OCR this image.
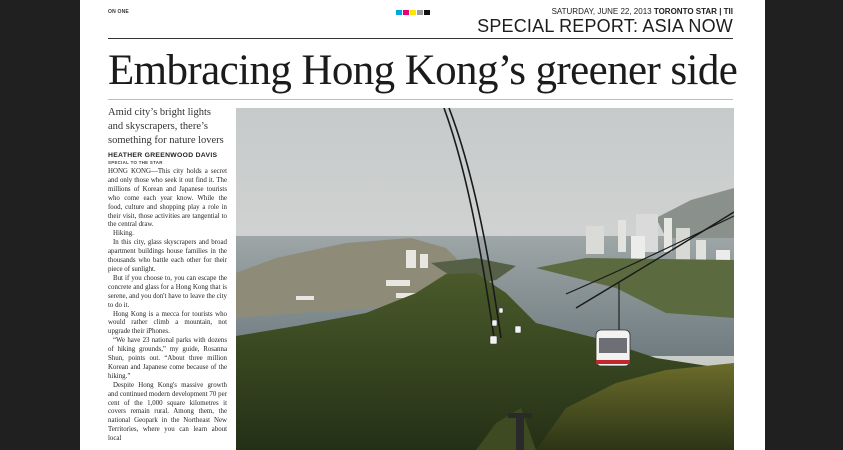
ON ONE	SATURDAY, JUNE 22, 2013 TORONTO STAR | TII
SPECIAL REPORT: ASIA NOW
Embracing Hong Kong’s greener side
Amid city’s bright lights and skyscrapers, there’s something for nature lovers
HEATHER GREENWOOD DAVIS
SPECIAL TO THE STAR

HONG KONG—This city holds a secret and only those who seek it out find it. The millions of Korean and Japanese tourists who come each year know. While the food, culture and shopping play a role in their visit, those activities are tangential to the central draw.

Hiking.

In this city, glass skyscrapers and broad apartment buildings house families in the thousands who battle each other for their piece of sunlight.

But if you choose to, you can escape the concrete and glass for a Hong Kong that is serene, and you don't have to leave the city to do it.

Hong Kong is a mecca for tourists who would rather climb a mountain, not upgrade their iPhones.

“We have 23 national parks with dozens of hiking grounds,” my guide, Rosanna Shun, points out. “About three million Korean and Japanese come because of the hiking.”

Despite Hong Kong's massive growth and continued modern development 70 per cent of the 1,000 square kilometres it covers remain rural. Among them, the national Geopark in the Northeast New Territories, where you can learn about local
